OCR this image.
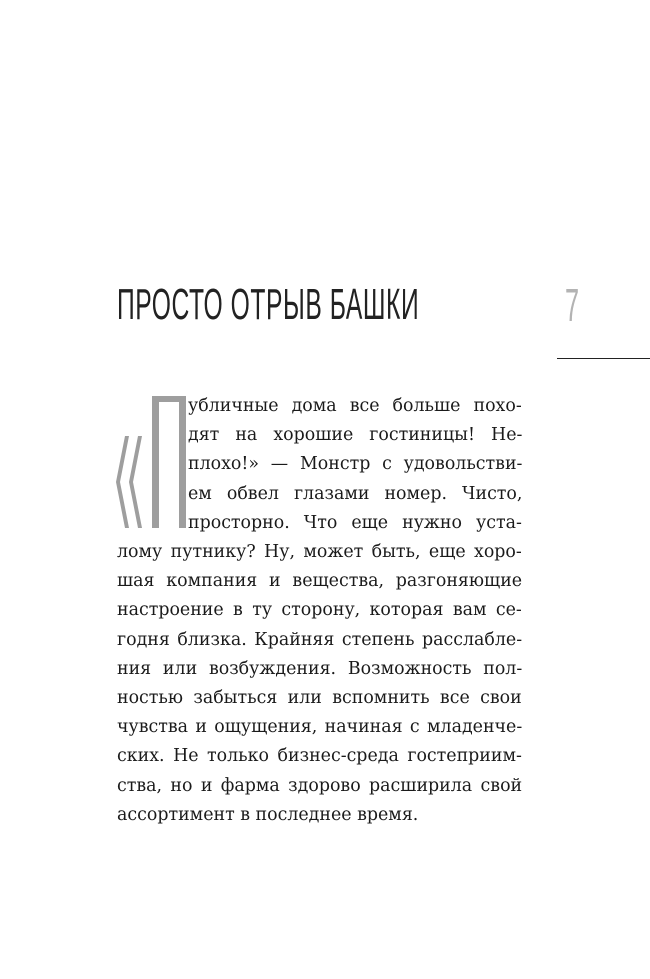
ПРОСТО ОТРЫВ БАШКИ	7
убличные дома все больше похо-
дят на хорошие гостиницы! Не-
плохо!» — Монстр с удовольстви-
ем обвел глазами номер. Чисто,
просторно. Что еще нужно уста-
лому путнику? Ну, может быть, еще хоро-
шая компания и вещества, разгоняющие
настроение в ту сторону, которая вам се-
годня близка. Крайняя степень расслабле-
ния или возбуждения. Возможность пол-
ностью забыться или вспомнить все свои
чувства и ощущения, начиная с младенче-
ских. Не только бизнес-среда гостеприим-
ства, но и фарма здорово расширила свой
ассортимент в последнее время.
